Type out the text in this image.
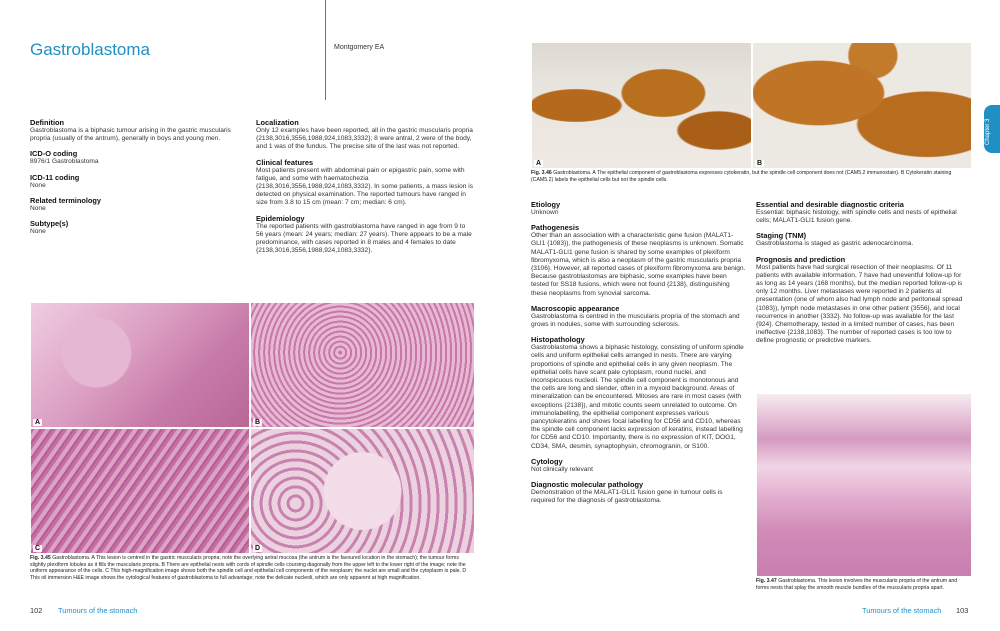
Gastroblastoma	Montgomery EA
Chapter 3
Definition

Gastroblastoma is a biphasic tumour arising in the gastric muscularis propria (usually of the antrum), generally in boys and young men.

ICD-O coding

8976/1 Gastroblastoma

ICD-11 coding

None

Related terminology

None

Subtype(s)

None

Localization

Only 12 examples have been reported, all in the gastric muscularis propria {2138,3016,3556,1988,924,1083,3332}; 8 were antral, 2 were of the body, and 1 was of the fundus. The precise site of the last was not reported.

Clinical features

Most patients present with abdominal pain or epigastric pain, some with fatigue, and some with haematochezia {2138,3016,3556,1988,924,1083,3332}. In some patients, a mass lesion is detected on physical examination. The reported tumours have ranged in size from 3.8 to 15 cm (mean: 7 cm; median: 6 cm).

Epidemiology

The reported patients with gastroblastoma have ranged in age from 9 to 56 years (mean: 24 years; median: 27 years). There appears to be a male predominance, with cases reported in 8 males and 4 females to date {2138,3016,3556,1988,924,1083,3332}.

A	B
C	D
Fig. 3.45 Gastroblastoma. A This lesion is centred in the gastric muscularis propria; note the overlying antral mucosa (the antrum is the favoured location in the stomach); the tumour forms slightly plexiform lobules as it fills the muscularis propria. B There are epithelial nests with cords of spindle cells coursing diagonally from the upper left to the lower right of the image; note the uniform appearance of the cells. C This high-magnification image shows both the spindle cell and epithelial cell components of the neoplasm; the nuclei are small and the cytoplasm is pale. D This oil immersion H&E image shows the cytological features of gastroblastoma to full advantage; note the delicate nucleoli, which are only apparent at high magnification.
A	B
Fig. 3.46 Gastroblastoma. A The epithelial component of gastroblastoma expresses cytokeratin, but the spindle cell component does not (CAM5.2 immunostain). B Cytokeratin staining (CAM5.2) labels the epithelial cells but not the spindle cells.
Etiology

Unknown

Pathogenesis

Other than an association with a characteristic gene fusion (MALAT1-GLI1 {1083}), the pathogenesis of these neoplasms is unknown. Somatic MALAT1-GLI1 gene fusion is shared by some examples of plexiform fibromyxoma, which is also a neoplasm of the gastric muscularis propria {3106}. However, all reported cases of plexiform fibromyxoma are benign. Because gastroblastomas are biphasic, some examples have been tested for SS18 fusions, which were not found {2138}, distinguishing these neoplasms from synovial sarcoma.

Macroscopic appearance

Gastroblastoma is centred in the muscularis propria of the stomach and grows in nodules, some with surrounding sclerosis.

Histopathology

Gastroblastoma shows a biphasic histology, consisting of uniform spindle cells and uniform epithelial cells arranged in nests. There are varying proportions of spindle and epithelial cells in any given neoplasm. The epithelial cells have scant pale cytoplasm, round nuclei, and inconspicuous nucleoli. The spindle cell component is monotonous and the cells are long and slender, often in a myxoid background. Areas of mineralization can be encountered. Mitoses are rare in most cases (with exceptions {2138}), and mitotic counts seem unrelated to outcome. On immunolabelling, the epithelial component expresses various pancytokeratins and shows focal labelling for CD56 and CD10, whereas the spindle cell component lacks expression of keratins, instead labelling for CD56 and CD10. Importantly, there is no expression of KIT, DOG1, CD34, SMA, desmin, synaptophysin, chromogranin, or S100.

Cytology

Not clinically relevant

Diagnostic molecular pathology

Demonstration of the MALAT1-GLI1 fusion gene in tumour cells is required for the diagnosis of gastroblastoma.

Essential and desirable diagnostic criteria

Essential: biphasic histology, with spindle cells and nests of epithelial cells; MALAT1-GLI1 fusion gene.

Staging (TNM)

Gastroblastoma is staged as gastric adenocarcinoma.

Prognosis and prediction

Most patients have had surgical resection of their neoplasms. Of 11 patients with available information, 7 have had uneventful follow-up for as long as 14 years (168 months), but the median reported follow-up is only 12 months. Liver metastases were reported in 2 patients at presentation (one of whom also had lymph node and peritoneal spread {1083}), lymph node metastases in one other patient {3556}, and local recurrence in another {3332}. No follow-up was available for the last {924}. Chemotherapy, tested in a limited number of cases, has been ineffective {2138,1083}. The number of reported cases is too low to define prognostic or predictive markers.

Fig. 3.47 Gastroblastoma. This lesion involves the muscularis propria of the antrum and forms nests that splay the smooth muscle bundles of the muscularis propria apart.
102 Tumours of the stomach	Tumours of the stomach 103
